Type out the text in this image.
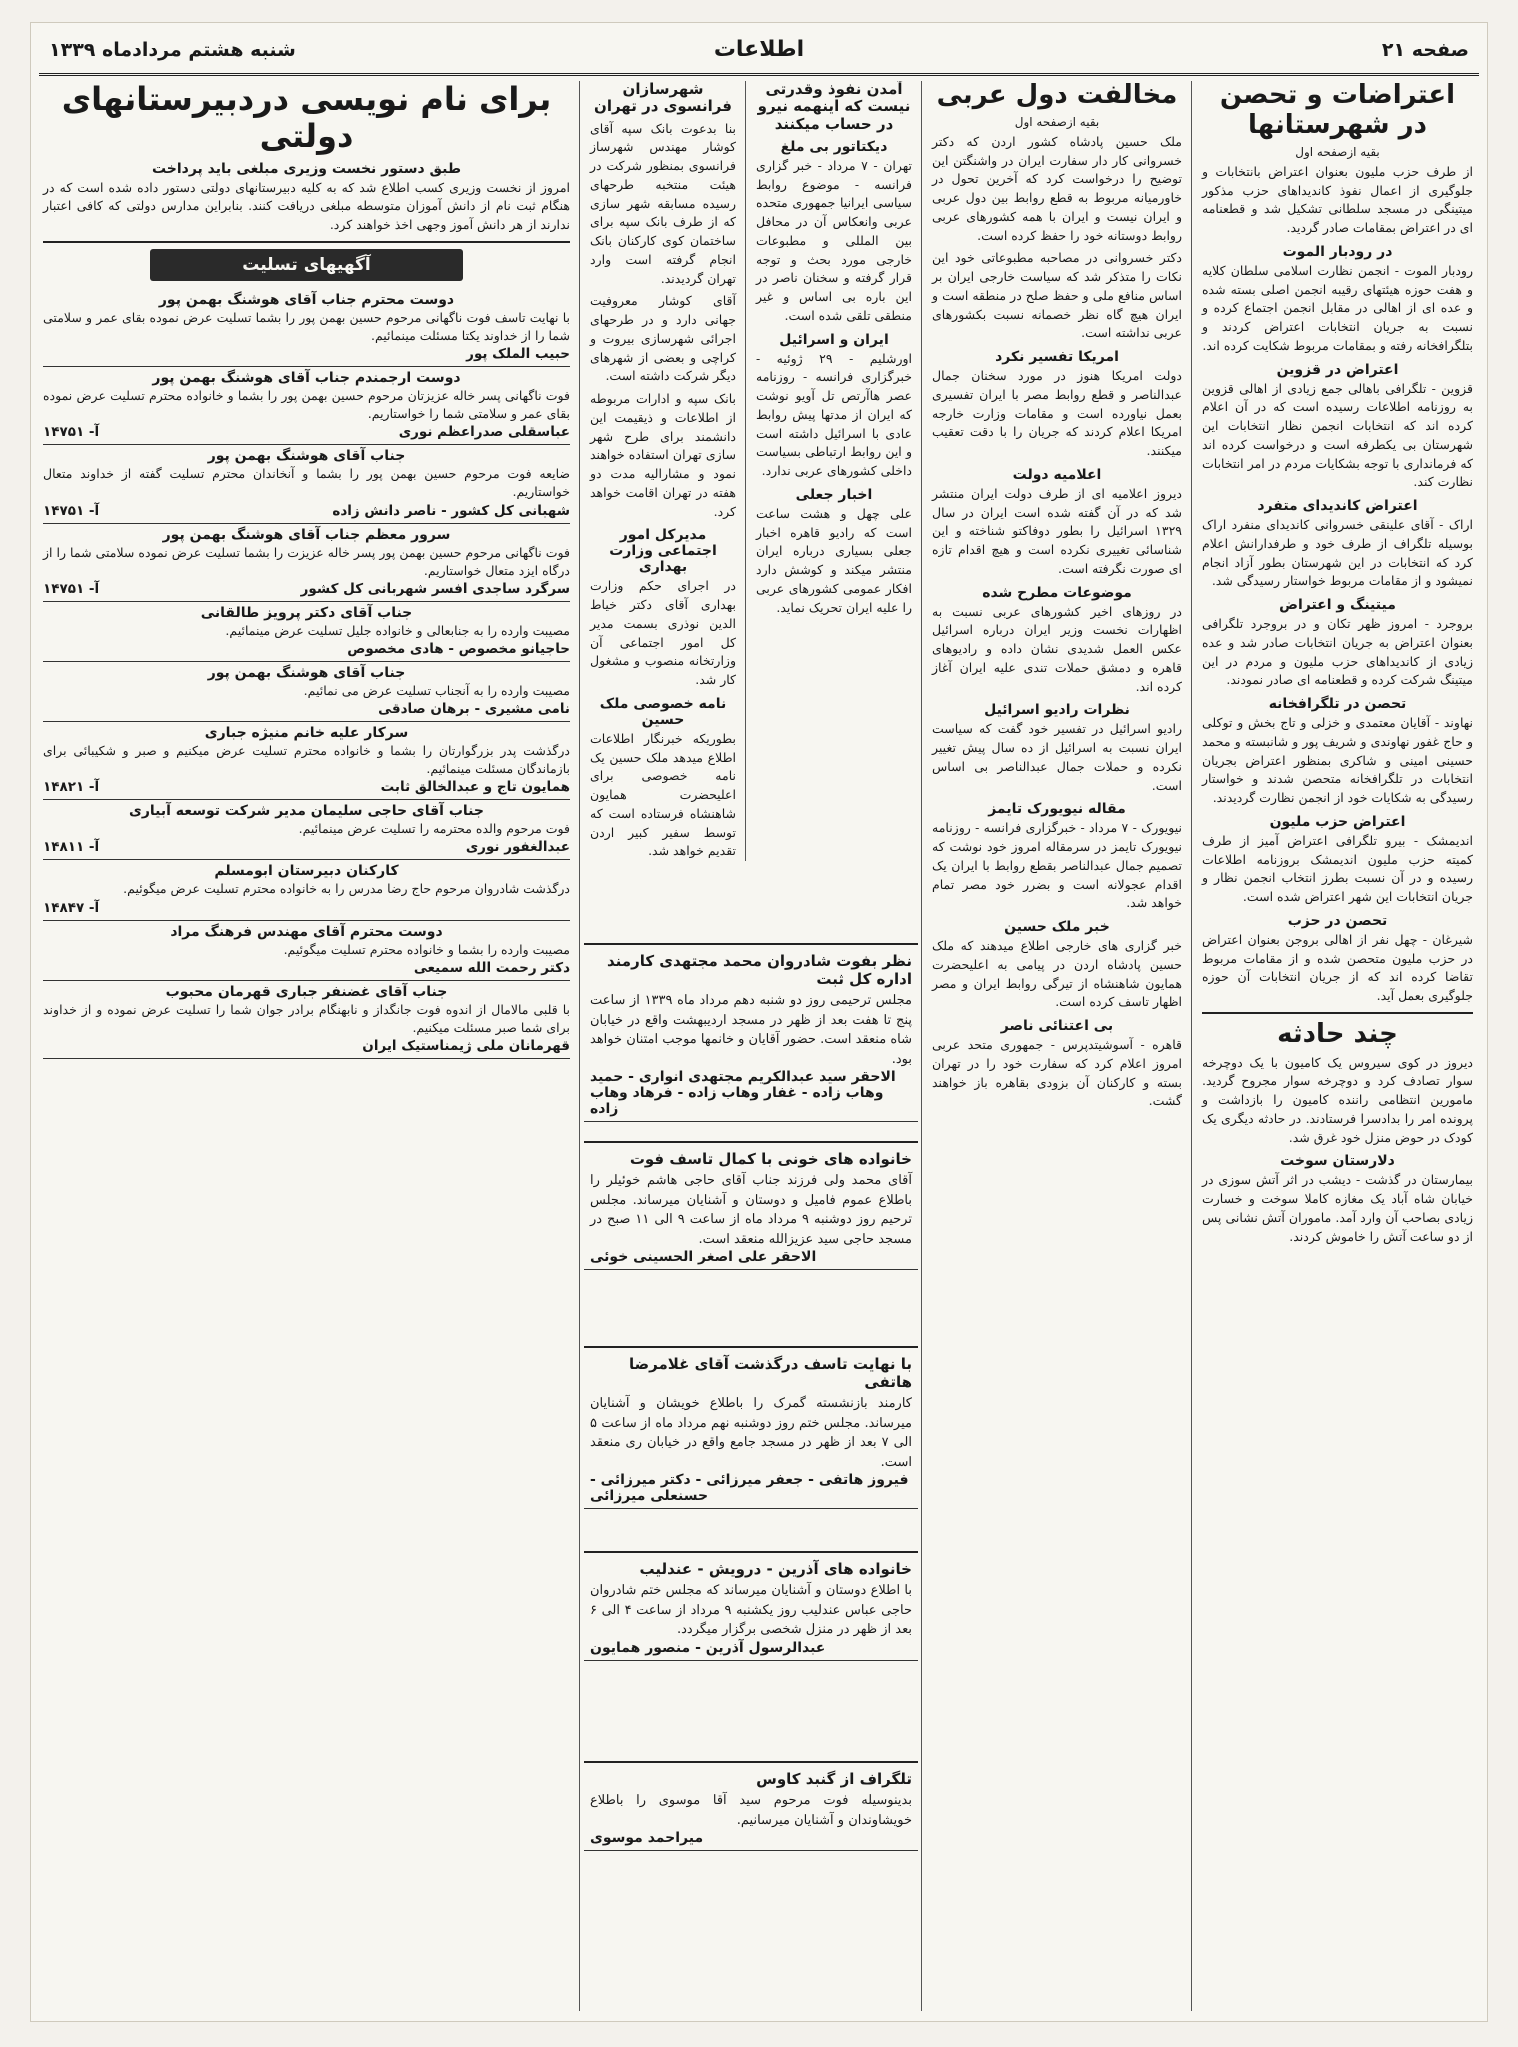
صفحه ۲۱
اطلاعات
شنبه هشتم مردادماه ۱۳۳۹
اعتراضات و تحصن در شهرستانها
بقیه ازصفحه اول

از طرف حزب ملیون بعنوان اعتراض بانتخابات و جلوگیری از اعمال نفوذ کاندیداهای حزب مذکور میتینگی در مسجد سلطانی تشکیل شد و قطعنامه ای در اعتراض بمقامات صادر گردید.

در رودبار الموت

رودبار الموت - انجمن نظارت اسلامی سلطان کلایه و هفت حوزه هیئتهای رقیبه انجمن اصلی بسته شده و عده ای از اهالی در مقابل انجمن اجتماع کرده و نسبت به جریان انتخابات اعتراض کردند و بتلگرافخانه رفته و بمقامات مربوط شکایت کرده اند.

اعتراض در قزوین

قزوین - تلگرافی باهالی جمع زیادی از اهالی قزوین به روزنامه اطلاعات رسیده است که در آن اعلام کرده اند که انتخابات انجمن نظار انتخابات این شهرستان بی یکطرفه است و درخواست کرده اند که فرمانداری با توجه بشکایات مردم در امر انتخابات نظارت کند.

اعتراض کاندیدای متفرد

اراک - آقای علینقی خسروانی کاندیدای منفرد اراک بوسیله تلگراف از طرف خود و طرفدارانش اعلام کرد که انتخابات در این شهرستان بطور آزاد انجام نمیشود و از مقامات مربوط خواستار رسیدگی شد.

میتینگ و اعتراض

بروجرد - امروز ظهر تکان و در بروجرد تلگرافی بعنوان اعتراض به جریان انتخابات صادر شد و عده زیادی از کاندیداهای حزب ملیون و مردم در این میتینگ شرکت کرده و قطعنامه ای صادر نمودند.

تحصن در تلگرافخانه

نهاوند - آقایان معتمدی و خزلی و تاج بخش و توکلی و حاج غفور نهاوندی و شریف پور و شانبسته و محمد حسینی امینی و شاکری بمنظور اعتراض بجریان انتخابات در تلگرافخانه متحصن شدند و خواستار رسیدگی به شکایات خود از انجمن نظارت گردیدند.

اعتراض حزب ملیون

اندیمشک - بیرو تلگرافی اعتراض آمیز از طرف کمیته حزب ملیون اندیمشک بروزنامه اطلاعات رسیده و در آن نسبت بطرز انتخاب انجمن نظار و جریان انتخابات این شهر اعتراض شده است.

تحصن در حزب

شیرغان - چهل نفر از اهالی بروجن بعنوان اعتراض در حزب ملیون متحصن شده و از مقامات مربوط تقاضا کرده اند که از جریان انتخابات آن حوزه جلوگیری بعمل آید.

چند حادثه

دیروز در کوی سیروس یک کامیون با یک دوچرخه سوار تصادف کرد و دوچرخه سوار مجروح گردید. مامورین انتظامی راننده کامیون را بازداشت و پرونده امر را بدادسرا فرستادند. در حادثه دیگری یک کودک در حوض منزل خود غرق شد.

دلارستان سوخت

بیمارستان در گذشت - دیشب در اثر آتش سوزی در خیابان شاه آباد یک مغازه کاملا سوخت و خسارت زیادی بصاحب آن وارد آمد. ماموران آتش نشانی پس از دو ساعت آتش را خاموش کردند.

مخالفت دول عربی
بقیه ازصفحه اول

ملک حسین پادشاه کشور اردن که دکتر خسروانی کار دار سفارت ایران در واشنگتن این توضیح را درخواست کرد که آخرین تحول در خاورمیانه مربوط به قطع روابط بین دول عربی و ایران نیست و ایران با همه کشورهای عربی روابط دوستانه خود را حفظ کرده است.

دکتر خسروانی در مصاحبه مطبوعاتی خود این نکات را متذکر شد که سیاست خارجی ایران بر اساس منافع ملی و حفظ صلح در منطقه است و ایران هیچ گاه نظر خصمانه نسبت بکشورهای عربی نداشته است.

امریکا تفسیر نکرد

دولت امریکا هنوز در مورد سخنان جمال عبدالناصر و قطع روابط مصر با ایران تفسیری بعمل نیاورده است و مقامات وزارت خارجه امریکا اعلام کردند که جریان را با دقت تعقیب میکنند.

اعلامیه دولت

دیروز اعلامیه ای از طرف دولت ایران منتشر شد که در آن گفته شده است ایران در سال ۱۳۲۹ اسرائیل را بطور دوفاکتو شناخته و این شناسائی تغییری نکرده است و هیچ اقدام تازه ای صورت نگرفته است.

موضوعات مطرح شده

در روزهای اخیر کشورهای عربی نسبت به اظهارات نخست وزیر ایران درباره اسرائیل عکس العمل شدیدی نشان داده و رادیوهای قاهره و دمشق حملات تندی علیه ایران آغاز کرده اند.

نظرات رادیو اسرائیل

رادیو اسرائیل در تفسیر خود گفت که سیاست ایران نسبت به اسرائیل از ده سال پیش تغییر نکرده و حملات جمال عبدالناصر بی اساس است.

مقاله نیویورک تایمز

نیویورک - ۷ مرداد - خبرگزاری فرانسه - روزنامه نیویورک تایمز در سرمقاله امروز خود نوشت که تصمیم جمال عبدالناصر بقطع روابط با ایران یک اقدام عجولانه است و بضرر خود مصر تمام خواهد شد.

خبر ملک حسین

خبر گزاری های خارجی اطلاع میدهند که ملک حسین پادشاه اردن در پیامی به اعلیحضرت همایون شاهنشاه از تیرگی روابط ایران و مصر اظهار تاسف کرده است.

بی اعتنائی ناصر

قاهره - آسوشیتدپرس - جمهوری متحد عربی امروز اعلام کرد که سفارت خود را در تهران بسته و کارکنان آن بزودی بقاهره باز خواهند گشت.

آمدن نفوذ وقدرتی نیست که اینهمه نیرو در حساب میکنند
دیکتاتور بی ملغ

تهران - ۷ مرداد - خبر گزاری فرانسه - موضوع روابط سیاسی ایرانیا جمهوری متحده عربی وانعکاس آن در محافل بین المللی و مطبوعات خارجی مورد بحث و توجه قرار گرفته و سخنان ناصر در این باره بی اساس و غیر منطقی تلقی شده است.

ایران و اسرائیل

اورشلیم - ۲۹ ژوئیه - خبرگزاری فرانسه - روزنامه عصر هاآرتص تل آویو نوشت که ایران از مدتها پیش روابط عادی با اسرائیل داشته است و این روابط ارتباطی بسیاست داخلی کشورهای عربی ندارد.

اخبار جعلی

علی چهل و هشت ساعت است که رادیو قاهره اخبار جعلی بسیاری درباره ایران منتشر میکند و کوشش دارد افکار عمومی کشورهای عربی را علیه ایران تحریک نماید.

شهرسازان فرانسوی در تهران

بنا بدعوت بانک سپه آقای کوشار مهندس شهرساز فرانسوی بمنظور شرکت در هیئت منتخبه طرحهای رسیده مسابقه شهر سازی که از طرف بانک سپه برای ساختمان کوی کارکنان بانک انجام گرفته است وارد تهران گردیدند.

آقای کوشار معروفیت جهانی دارد و در طرحهای اجرائی شهرسازی بیروت و کراچی و بعضی از شهرهای دیگر شرکت داشته است.

بانک سپه و ادارات مربوطه از اطلاعات و ذیقیمت این دانشمند برای طرح شهر سازی تهران استفاده خواهند نمود و مشارالیه مدت دو هفته در تهران اقامت خواهد کرد.

مدیرکل امور اجتماعی وزارت بهداری

در اجرای حکم وزارت بهداری آقای دکتر خیاط الدین نوذری بسمت مدیر کل امور اجتماعی آن وزارتخانه منصوب و مشغول کار شد.

نامه خصوصی ملک حسین

بطوریکه خبرنگار اطلاعات اطلاع میدهد ملک حسین یک نامه خصوصی برای اعلیحضرت همایون شاهنشاه فرستاده است که توسط سفیر کبیر اردن تقدیم خواهد شد.

نظر بفوت شادروان محمد مجتهدی کارمند اداره کل ثبت
مجلس ترحیمی روز دو شنبه دهم مرداد ماه ۱۳۳۹ از ساعت پنج تا هفت بعد از ظهر در مسجد اردیبهشت واقع در خیابان شاه منعقد است. حضور آقایان و خانمها موجب امتنان خواهد بود.
الاحقر سید عبدالکریم مجتهدی انواری - حمید وهاب زاده - غفار وهاب زاده - فرهاد وهاب زاده
خانواده های خونی با کمال تاسف فوت
آقای محمد ولی فرزند جناب آقای حاجی هاشم خوئیلر را باطلاع عموم فامیل و دوستان و آشنایان میرساند. مجلس ترحیم روز دوشنبه ۹ مرداد ماه از ساعت ۹ الی ۱۱ صبح در مسجد حاجی سید عزیزالله منعقد است.
الاحقر علی اصغر الحسینی خوئی
با نهایت تاسف درگذشت آقای غلامرضا هاتفی
کارمند بازنشسته گمرک را باطلاع خویشان و آشنایان میرساند. مجلس ختم روز دوشنبه نهم مرداد ماه از ساعت ۵ الی ۷ بعد از ظهر در مسجد جامع واقع در خیابان ری منعقد است.
فیروز هاتفی - جعفر میرزائی - دکتر میرزائی - حسنعلی میرزائی
خانواده های آذرین - درویش - عندلیب
با اطلاع دوستان و آشنایان میرساند که مجلس ختم شادروان حاجی عباس عندلیب روز یکشنبه ۹ مرداد از ساعت ۴ الی ۶ بعد از ظهر در منزل شخصی برگزار میگردد.
عبدالرسول آذرین - منصور همایون
تلگراف از گنبد کاوس
بدینوسیله فوت مرحوم سید آقا موسوی را باطلاع خویشاوندان و آشنایان میرسانیم.
میراحمد موسوی
برای نام نویسی دردبیرستانهای دولتی
طبق دستور نخست وزیری مبلغی باید پرداخت

امروز از نخست وزیری کسب اطلاع شد که به کلیه دبیرستانهای دولتی دستور داده شده است که در هنگام ثبت نام از دانش آموزان متوسطه مبلغی دریافت کنند. بنابراین مدارس دولتی که کافی اعتبار ندارند از هر دانش آموز وجهی اخذ خواهند کرد.

آگهیهای تسلیت
دوست محترم جناب آقای هوشنگ بهمن پور
با نهایت تاسف فوت ناگهانی مرحوم حسین بهمن پور را بشما تسلیت عرض نموده بقای عمر و سلامتی شما را از خداوند یکتا مسئلت مینمائیم.
حبیب الملک پور
دوست ارجمندم جناب آقای هوشنگ بهمن پور
فوت ناگهانی پسر خاله عزیزتان مرحوم حسین بهمن پور را بشما و خانواده محترم تسلیت عرض نموده بقای عمر و سلامتی شما را خواستاریم.
عباسقلی صدراعظم نوری
آ- ۱۴۷۵۱
جناب آقای هوشنگ بهمن پور
ضایعه فوت مرحوم حسین بهمن پور را بشما و آنخاندان محترم تسلیت گفته از خداوند متعال خواستاریم.
شهبانی کل کشور - ناصر دانش زاده
آ- ۱۴۷۵۱
سرور معظم جناب آقای هوشنگ بهمن پور
فوت ناگهانی مرحوم حسین بهمن پور پسر خاله عزیزت را بشما تسلیت عرض نموده سلامتی شما را از درگاه ایزد متعال خواستاریم.
سرگرد ساجدی افسر شهربانی کل کشور
آ- ۱۴۷۵۱
جناب آقای دکتر پرویز طالقانی
مصیبت وارده را به جنابعالی و خانواده جلیل تسلیت عرض مینمائیم.
حاجیانو مخصوص - هادی مخصوص
جناب آقای هوشنگ بهمن پور
مصیبت وارده را به آنجناب تسلیت عرض می نمائیم.
نامی مشیری - برهان صادقی
سرکار علیه خانم منیژه جباری
درگذشت پدر بزرگوارتان را بشما و خانواده محترم تسلیت عرض میکنیم و صبر و شکیبائی برای بازماندگان مسئلت مینمائیم.
همایون تاج و عبدالخالق ثابت
آ- ۱۴۸۲۱
جناب آقای حاجی سلیمان مدیر شرکت توسعه آبیاری
فوت مرحوم والده محترمه را تسلیت عرض مینمائیم.
عبدالغفور نوری
آ- ۱۴۸۱۱
کارکنان دبیرستان ابومسلم
درگذشت شادروان مرحوم حاج رضا مدرس را به خانواده محترم تسلیت عرض میگوئیم.
آ- ۱۴۸۴۷
دوست محترم آقای مهندس فرهنگ مراد
مصیبت وارده را بشما و خانواده محترم تسلیت میگوئیم.
دکتر رحمت الله سمیعی
جناب آقای غضنفر جباری قهرمان محبوب
با قلبی مالامال از اندوه فوت جانگداز و نابهنگام برادر جوان شما را تسلیت عرض نموده و از خداوند برای شما صبر مسئلت میکنیم.
قهرمانان ملی ژیمناستیک ایران
